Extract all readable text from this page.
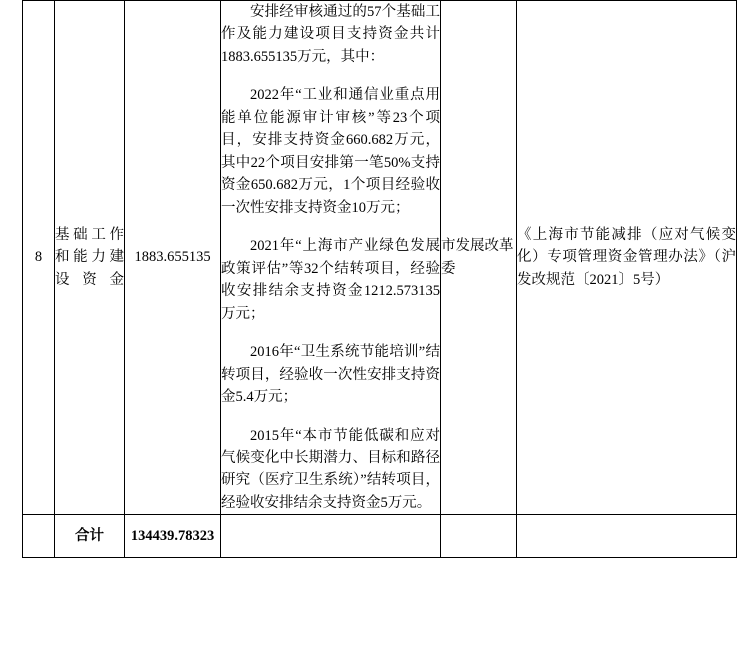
8	基础工作和能力建设资金	1883.655135	安排经审核通过的57个基础工作及能力建设项目支持资金共计1883.655135万元，其中：

2022年“工业和通信业重点用能单位能源审计审核”等23个项目，安排支持资金660.682万元，其中22个项目安排第一笔50%支持资金650.682万元，1个项目经验收一次性安排支持资金10万元；

2021年“上海市产业绿色发展政策评估”等32个结转项目，经验收安排结余支持资金1212.573135万元；

2016年“卫生系统节能培训”结转项目，经验收一次性安排支持资金5.4万元；

2015年“本市节能低碳和应对气候变化中长期潜力、目标和路径研究（医疗卫生系统）”结转项目，经验收安排结余支持资金5万元。	市发展改革委	《上海市节能减排（应对气候变化）专项管理资金管理办法》（沪发改规范〔2021〕5号）
	合计	134439.78323			
